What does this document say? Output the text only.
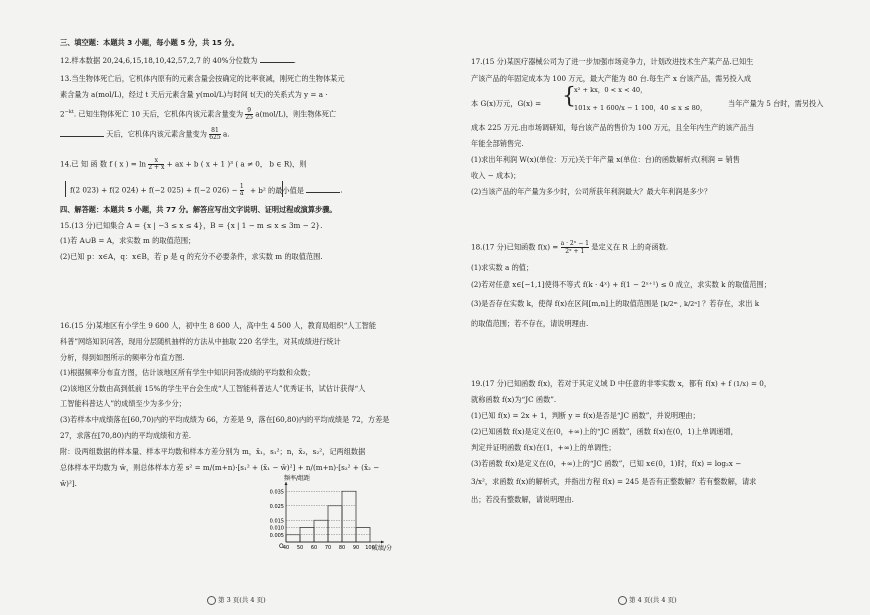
三、填空题：本题共 3 小题，每小题 5 分，共 15 分。
12.样本数据 20,24,6,15,18,10,42,57,2,7 的 40%分位数为	.
13.当生物体死亡后，它机体内原有的元素含量会按确定的比率衰减，刚死亡的生物体某元
素含量为 a(mol/L)，经过 t 天后元素含量 y(mol/L)与时间 t(天)的关系式为 y = a ·
$2^{-kt}$. 已知生物体死亡 10 天后，它机体内该元素含量变为 $\frac{9}{25} a(mol/L)$，则生物体死亡
天后，它机体内该元素含量变为 $\frac{81}{625} a$.
14.已 知 函 数 f ( x ) = $\ln \frac{x}{2 + x}$ + ax + b ( x + 1 )³ ( a ≠ 0， b ∈ R)，则
f(2 023) + f(2 024) + f(−2 025) + f(−2 $026) - \frac{1}{a} + b^2$ 的最小值是	.
四、解答题：本题共 5 小题，共 77 分。解答应写出文字说明、证明过程或演算步骤。
15.(13 分)已知集合 A = {x | −3 ≤ x ≤ 4}，B = {x | 1 − m ≤ x ≤ 3m − 2}.
(1)若 A∪B = A，求实数 m 的取值范围；
(2)已知 p：x∈A，q：x∈B，若 p 是 q 的充分不必要条件，求实数 m 的取值范围.
16.(15 分)某地区有小学生 9 600 人，初中生 8 600 人，高中生 4 500 人，教育局组织“人工智能
科普”网络知识问答，现用分层随机抽样的方法从中抽取 220 名学生，对其成绩进行统计
分析，得到如图所示的频率分布直方图.
(1)根据频率分布直方图，估计该地区所有学生中知识问答成绩的平均数和众数；
(2)该地区分数由高到低前 15%的学生平台会生成“人工智能科普达人”优秀证书，试估计获得“人
工智能科普达人”的成绩至少为多少分；
(3)若样本中成绩落在[60,70)内的平均成绩为 66，方差是 9，落在[60,80)内的平均成绩是 72，方差是
27，求落在[70,80)内的平均成绩和方差.
附：设两组数据的样本量、样本平均数和样本方差分别为 m，x̄₁，s₁²；n，x̄₂，s₂²，记两组数据
总体样本平均数为 w̄，则总体样本方差 s² = m/(m+n)·[s₁² + (x̄₁ − w̄)²] + n/(m+n)·[s₂² + (x̄₂ −
w̄)²].
频率/组距
O	成绩/分
0.035
0.025
0.015
0.010
0.005
40 50 60 70 80 90 100
第 3 页(共 4 页)
17.(15 分)某医疗器械公司为了进一步加强市场竞争力，计划改进技术生产某产品.已知生
产该产品的年固定成本为 100 万元，最大产能为 80 台.每生产 x 台该产品，需另投入成
本 G(x)万元，G(x) = {
x² + kx，0 < x < 40，
101x + 1 600/x − 1 100，40 ≤ x ≤ 80，	当年产量为 5 台时，需另投入
成本 225 万元.由市场调研知，每台该产品的售价为 100 万元，且全年内生产的该产品当
年能全部销售完.
(1)求出年利润 W(x)(单位：万元)关于年产量 x(单位：台)的函数解析式(利润 = 销售
收入 − 成本)；
(2)当该产品的年产量为多少时，公司所获年利润最大？最大年利润是多少？
18.(17 分)已知函数 $f(x) = \frac{\text{a · 2ˣ − 1}}{\text{2ˣ + 1}}$ 是定义在 R 上的奇函数.
(1)求实数 a 的值；
(2)若对任意 x∈[−1,1]使得不等式 f(k · 4ˣ) + f(1 − 2ˣ⁺¹) ≤ 0 成立，求实数 k 的取值范围；
(3)是否存在实数 k，使得 f(x)在区间[m,n]上的取值范围是 [k/2ᵐ , k/2ⁿ] ？若存在，求出 k
的取值范围；若不存在，请说明理由.
19.(17 分)已知函数 f(x)，若对于其定义域 D 中任意的非零实数 x，都有 f(x) + f (1/x) = 0，
就称函数 f(x)为“JC 函数”.
(1)已知 f(x) = 2x + 1，判断 y = f(x)是否是“JC 函数”，并说明理由；
(2)已知函数 f(x)是定义在(0，+∞)上的“JC 函数”，函数 f(x)在(0，1)上单调递增，
判定并证明函数 f(x)在(1，+∞)上的单调性；
(3)若函数 f(x)是定义在(0，+∞)上的“JC 函数”，已知 x∈(0，1)时，f(x) = log₂x −
3/x²，求函数 f(x)的解析式，并指出方程 f(x) = 245 是否有正整数解？若有整数解，请求
出；若没有整数解，请说明理由.
第 4 页(共 4 页)
